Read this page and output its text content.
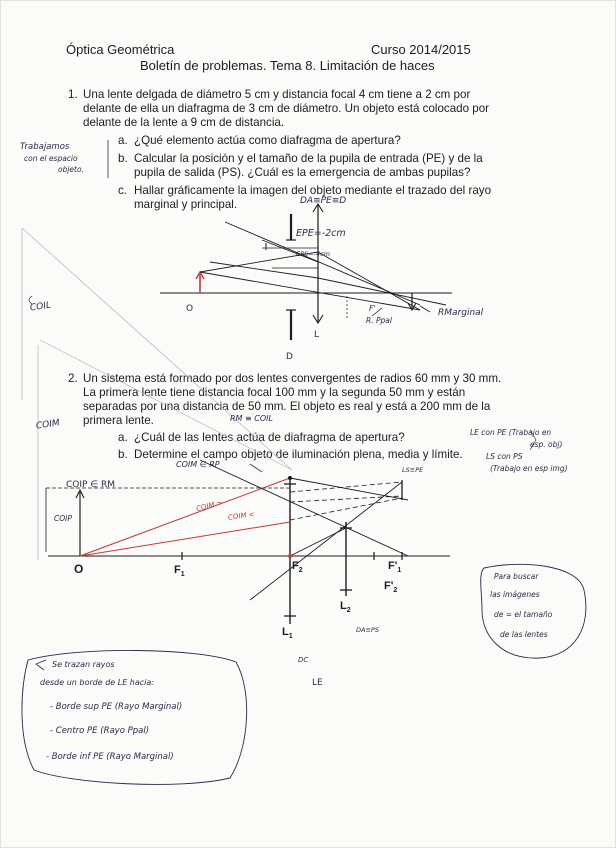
Óptica Geométrica	Curso 2014/2015
Boletín de problemas. Tema 8. Limitación de haces
1. Una lente delgada de diámetro 5 cm y distancia focal 4 cm tiene a 2 cm por
delante de ella un diafragma de 3 cm de diámetro. Un objeto está colocado por
delante de la lente a 9 cm de distancia.
a. ¿Qué elemento actúa como diafragma de apertura?
b. Calcular la posición y el tamaño de la pupila de entrada (PE) y de la
pupila de salida (PS). ¿Cuál es la emergencia de ambas pupilas?
c. Hallar gráficamente la imagen del objeto mediante el trazado del rayo
marginal y principal.
Trabajamos
con el espacio
objeto.
2. Un sistema está formado por dos lentes convergentes de radios 60 mm y 30 mm.
La primera lente tiene distancia focal 100 mm y la segunda 50 mm y están
separadas por una distancia de 50 mm. El objeto es real y está a 200 mm de la
primera lente.
a. ¿Cuál de las lentes actúa de diafragma de apertura?
b. Determine el campo objeto de iluminación plena, media y límite.
DA≡PE≡D
EPE=-2cm
EPS=-4cm
O	F'
R. Ppal
RMarginal
L
D
COIL
COIM	RM ≡ COIL
COIM ∈ RP
COIP ∈ RM
COIP
LE con PE (Trabajo en
esp. obj)
LS con PS
(Trabajo en esp img)
LS≡PE
COIM >
COIM <
O	$F_1$
$F_2$	$F'_1$
$F'_2$
$L_1$
$L_2$
DA≡PS
DC
LE
Para buscar
las imágenes
de = el tamaño
de las lentes
Se trazan rayos
desde un borde de LE hacia:
- Borde sup PE (Rayo Marginal)
- Centro PE (Rayo Ppal)
- Borde inf PE (Rayo Marginal)
